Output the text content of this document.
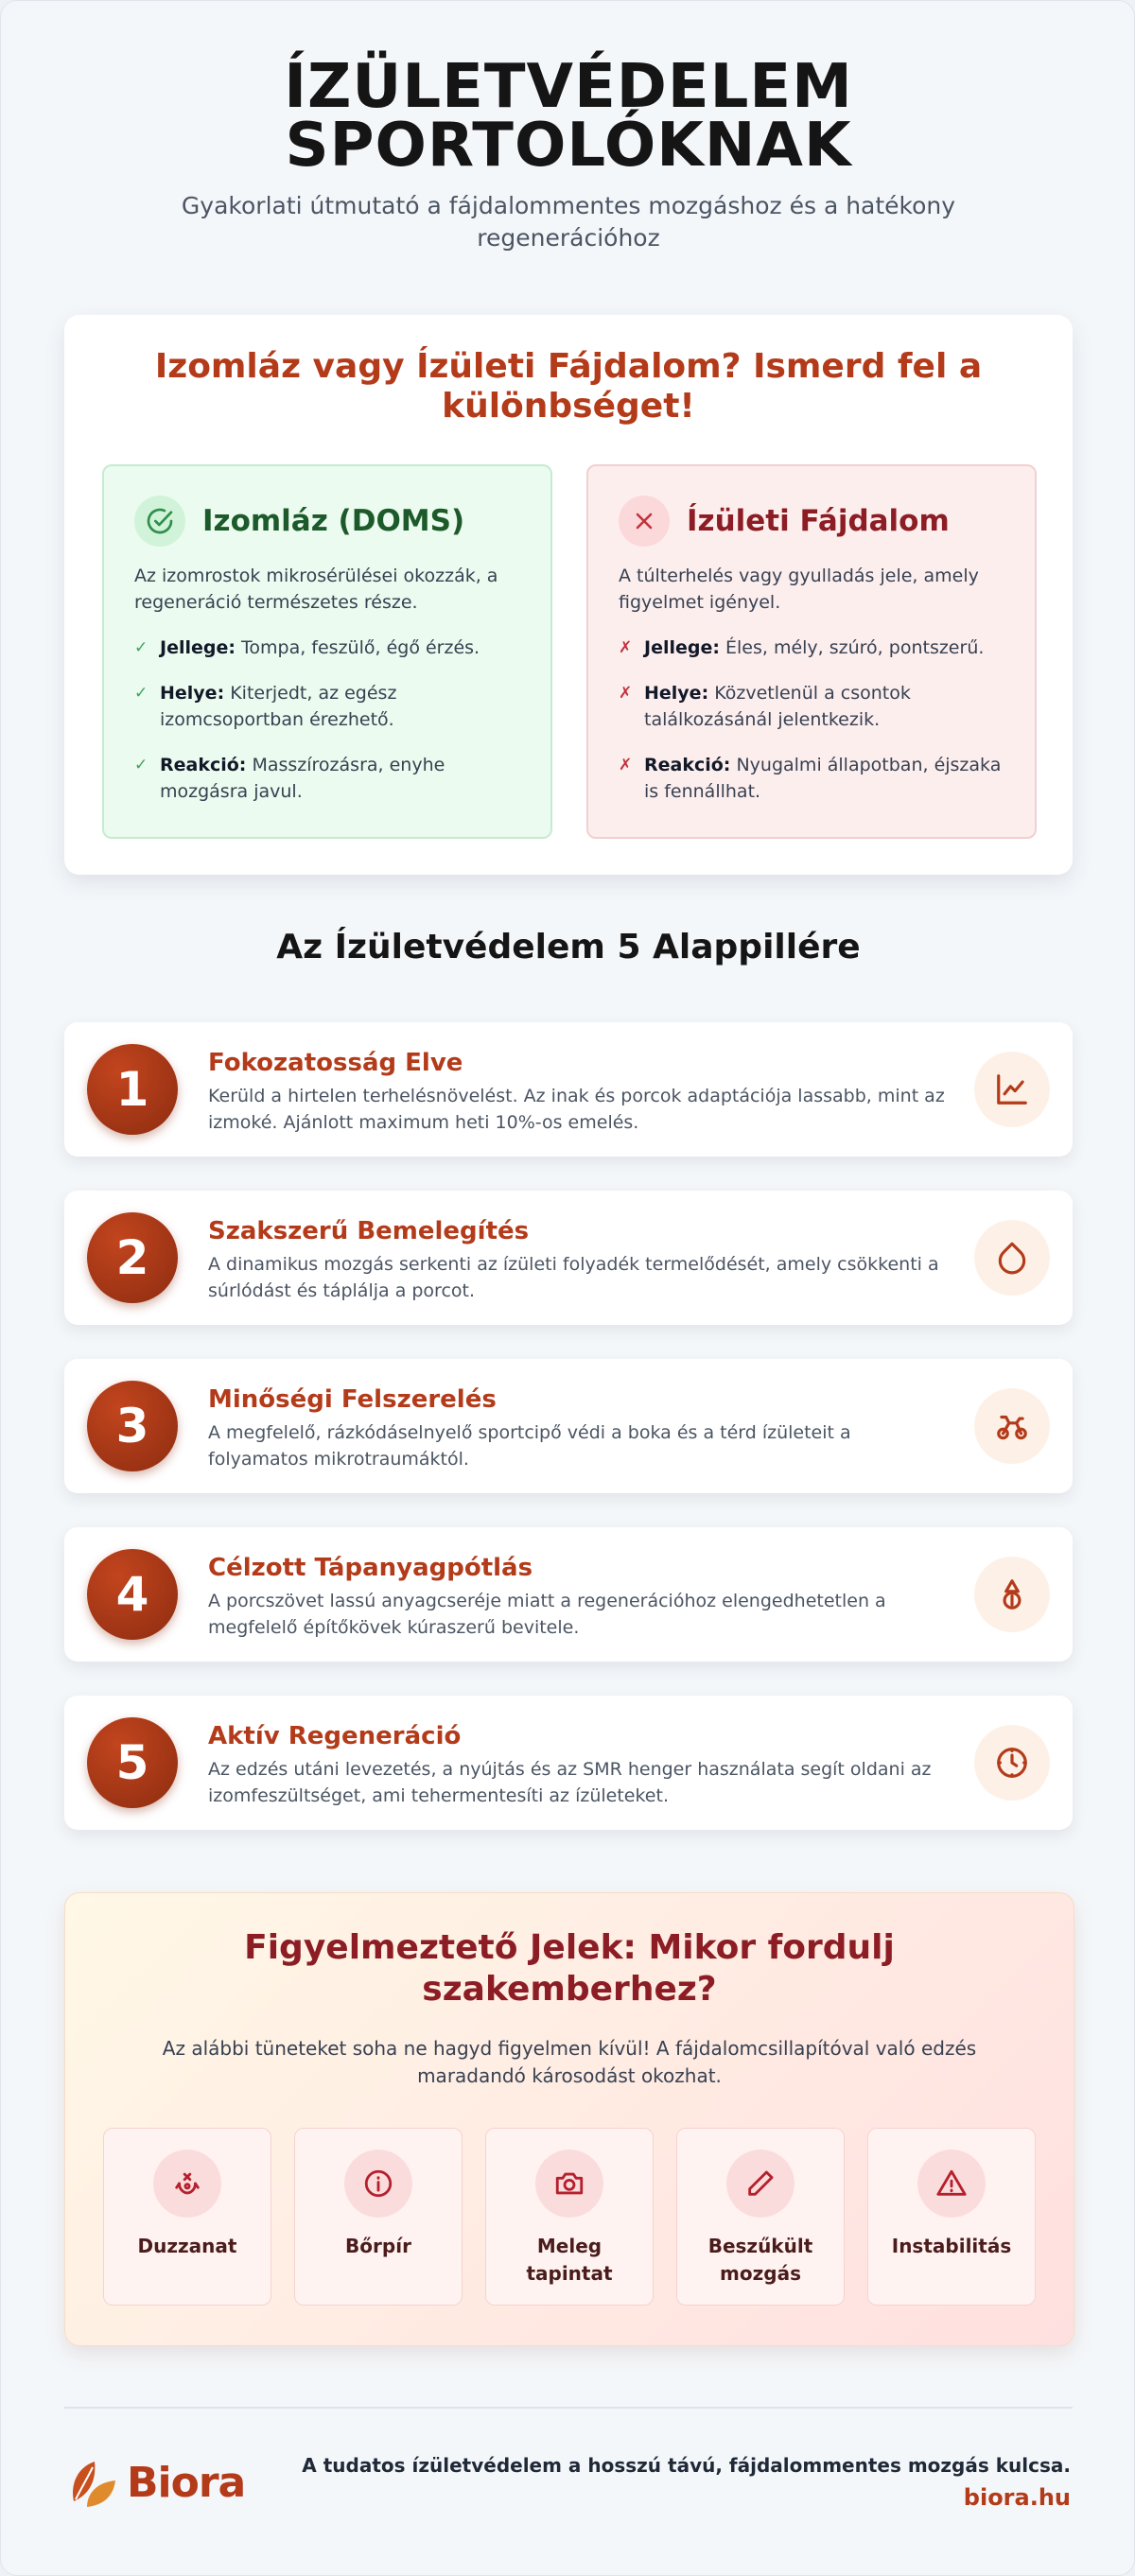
ÍZÜLETVÉDELEM
SPORTOLÓKNAK
Gyakorlati útmutató a fájdalommentes mozgáshoz és a hatékony regenerációhoz
Izomláz vagy Ízületi Fájdalom? Ismerd fel a különbséget!
Izomláz (DOMS)
Az izomrostok mikrosérülései okozzák, a regeneráció természetes része.
✓ Jellege: Tompa, feszülő, égő érzés.
✓ Helye: Kiterjedt, az egész izomcsoportban érezhető.
✓ Reakció: Masszírozásra, enyhe mozgásra javul.
Ízületi Fájdalom
A túlterhelés vagy gyulladás jele, amely figyelmet igényel.
✗ Jellege: Éles, mély, szúró, pontszerű.
✗ Helye: Közvetlenül a csontok találkozásánál jelentkezik.
✗ Reakció: Nyugalmi állapotban, éjszaka is fennállhat.
Az Ízületvédelem 5 Alappillére
1	Fokozatosság Elve
Kerüld a hirtelen terhelésnövelést. Az inak és porcok adaptációja lassabb, mint az izmoké. Ajánlott maximum heti 10%-os emelés.
2	Szakszerű Bemelegítés
A dinamikus mozgás serkenti az ízületi folyadék termelődését, amely csökkenti a súrlódást és táplálja a porcot.
3	Minőségi Felszerelés
A megfelelő, rázkódáselnyelő sportcipő védi a boka és a térd ízületeit a folyamatos mikrotraumáktól.
4	Célzott Tápanyagpótlás
A porcszövet lassú anyagcseréje miatt a regenerációhoz elengedhetetlen a megfelelő építőkövek kúraszerű bevitele.
5	Aktív Regeneráció
Az edzés utáni levezetés, a nyújtás és az SMR henger használata segít oldani az izomfeszültséget, ami tehermentesíti az ízületeket.
Figyelmeztető Jelek: Mikor fordulj szakemberhez?

Az alábbi tüneteket soha ne hagyd figyelmen kívül! A fájdalomcsillapítóval való edzés maradandó károsodást okozhat.

Duzzanat	Bőrpír	Meleg tapintat
Beszűkült mozgás
Instabilitás
Biora	A tudatos ízületvédelem a hosszú távú, fájdalommentes mozgás kulcsa.
biora.hu
